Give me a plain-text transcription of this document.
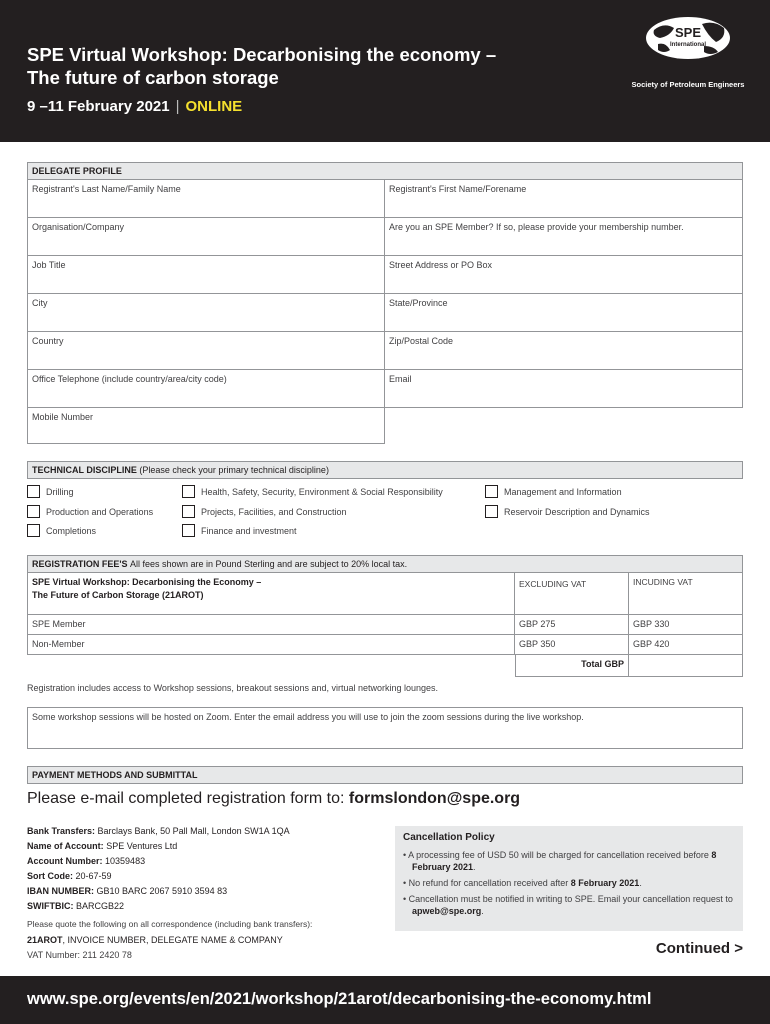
SPE Virtual Workshop: Decarbonising the economy –
The future of carbon storage
9 –11 February 2021 | ONLINE
SPE
International
Society of Petroleum Engineers
DELEGATE PROFILE
Registrant's Last Name/Family Name	Registrant's First Name/Forename
Organisation/Company	Are you an SPE Member? If so, please provide your membership number.
Job Title	Street Address or PO Box
City	State/Province
Country	Zip/Postal Code
Office Telephone (include country/area/city code)	Email
Mobile Number
TECHNICAL DISCIPLINE (Please check your primary technical discipline)
Drilling	Health, Safety, Security, Environment & Social Responsibility	Management and Information
Production and Operations	Projects, Facilities, and Construction	Reservoir Description and Dynamics
Completions	Finance and investment
REGISTRATION FEE'S All fees shown are in Pound Sterling and are subject to 20% local tax.
SPE Virtual Workshop: Decarbonising the Economy –
The Future of Carbon Storage (21AROT)
EXCLUDING VAT	INCUDING VAT
SPE Member	GBP 275	GBP 330
Non-Member	GBP 350	GBP 420
Total GBP
Registration includes access to Workshop sessions, breakout sessions and, virtual networking lounges.
Some workshop sessions will be hosted on Zoom. Enter the email address you will use to join the zoom sessions during the live workshop.
PAYMENT METHODS AND SUBMITTAL
Please e-mail completed registration form to: formslondon@spe.org
Bank Transfers: Barclays Bank, 50 Pall Mall, London SW1A 1QA
Name of Account: SPE Ventures Ltd
Account Number: 10359483
Sort Code: 20-67-59
IBAN NUMBER: GB10 BARC 2067 5910 3594 83
SWIFTBIC: BARCGB22
Please quote the following on all correspondence (including bank transfers):
21AROT, INVOICE NUMBER, DELEGATE NAME & COMPANY
VAT Number: 211 2420 78
Cancellation Policy
• A processing fee of USD 50 will be charged for cancellation received before 8 February 2021.
• No refund for cancellation received after 8 February 2021.
• Cancellation must be notified in writing to SPE. Email your cancellation request to apweb@spe.org.
Continued >
www.spe.org/events/en/2021/workshop/21arot/decarbonising-the-economy.html
